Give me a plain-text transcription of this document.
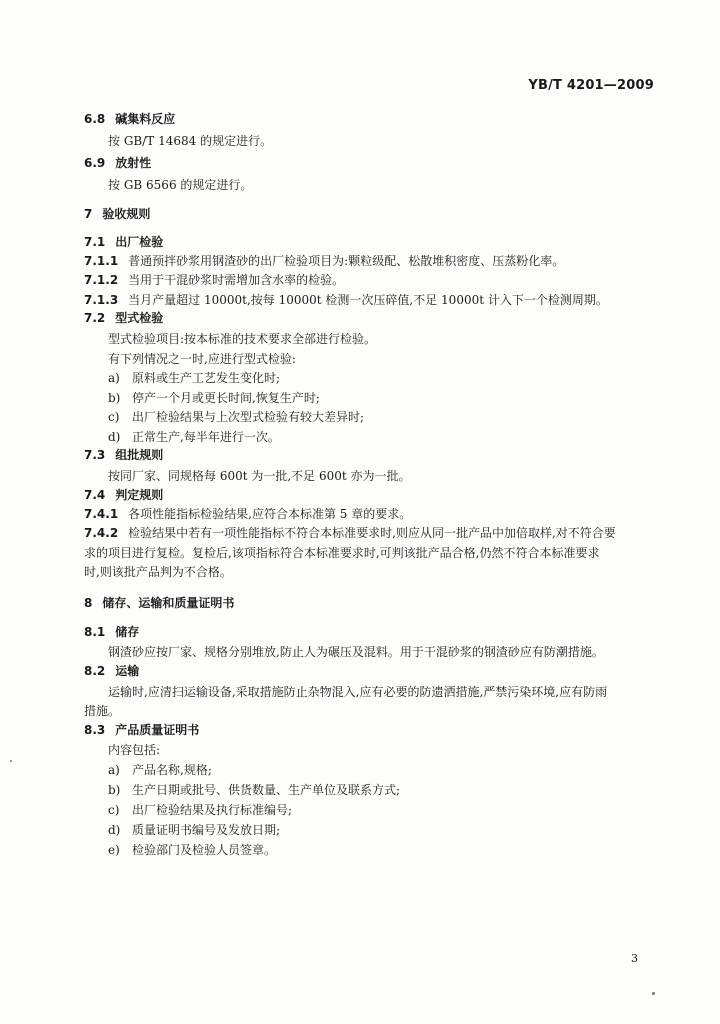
YB/T 4201—2009
6.8 碱集料反应
按 GB/T 14684 的规定进行。
6.9 放射性
按 GB 6566 的规定进行。
7 验收规则
7.1 出厂检验
7.1.1 普通预拌砂浆用钢渣砂的出厂检验项目为:颗粒级配、松散堆积密度、压蒸粉化率。
7.1.2 当用于干混砂浆时需增加含水率的检验。
7.1.3 当月产量超过 10000t,按每 10000t 检测一次压碎值,不足 10000t 计入下一个检测周期。
7.2 型式检验
型式检验项目:按本标准的技术要求全部进行检验。
有下列情况之一时,应进行型式检验:
a) 原料或生产工艺发生变化时;
b) 停产一个月或更长时间,恢复生产时;
c) 出厂检验结果与上次型式检验有较大差异时;
d) 正常生产,每半年进行一次。
7.3 组批规则
按同厂家、同规格每 600t 为一批,不足 600t 亦为一批。
7.4 判定规则
7.4.1 各项性能指标检验结果,应符合本标准第 5 章的要求。
7.4.2 检验结果中若有一项性能指标不符合本标准要求时,则应从同一批产品中加倍取样,对不符合要
求的项目进行复检。复检后,该项指标符合本标准要求时,可判该批产品合格,仍然不符合本标准要求
时,则该批产品判为不合格。
8 储存、运输和质量证明书
8.1 储存
钢渣砂应按厂家、规格分别堆放,防止人为碾压及混料。用于干混砂浆的钢渣砂应有防潮措施。
8.2 运输
运输时,应清扫运输设备,采取措施防止杂物混入,应有必要的防遗洒措施,严禁污染环境,应有防雨
措施。
8.3 产品质量证明书
内容包括:
a) 产品名称,规格;
b) 生产日期或批号、供货数量、生产单位及联系方式;
c) 出厂检验结果及执行标准编号;
d) 质量证明书编号及发放日期;
e) 检验部门及检验人员签章。
3
